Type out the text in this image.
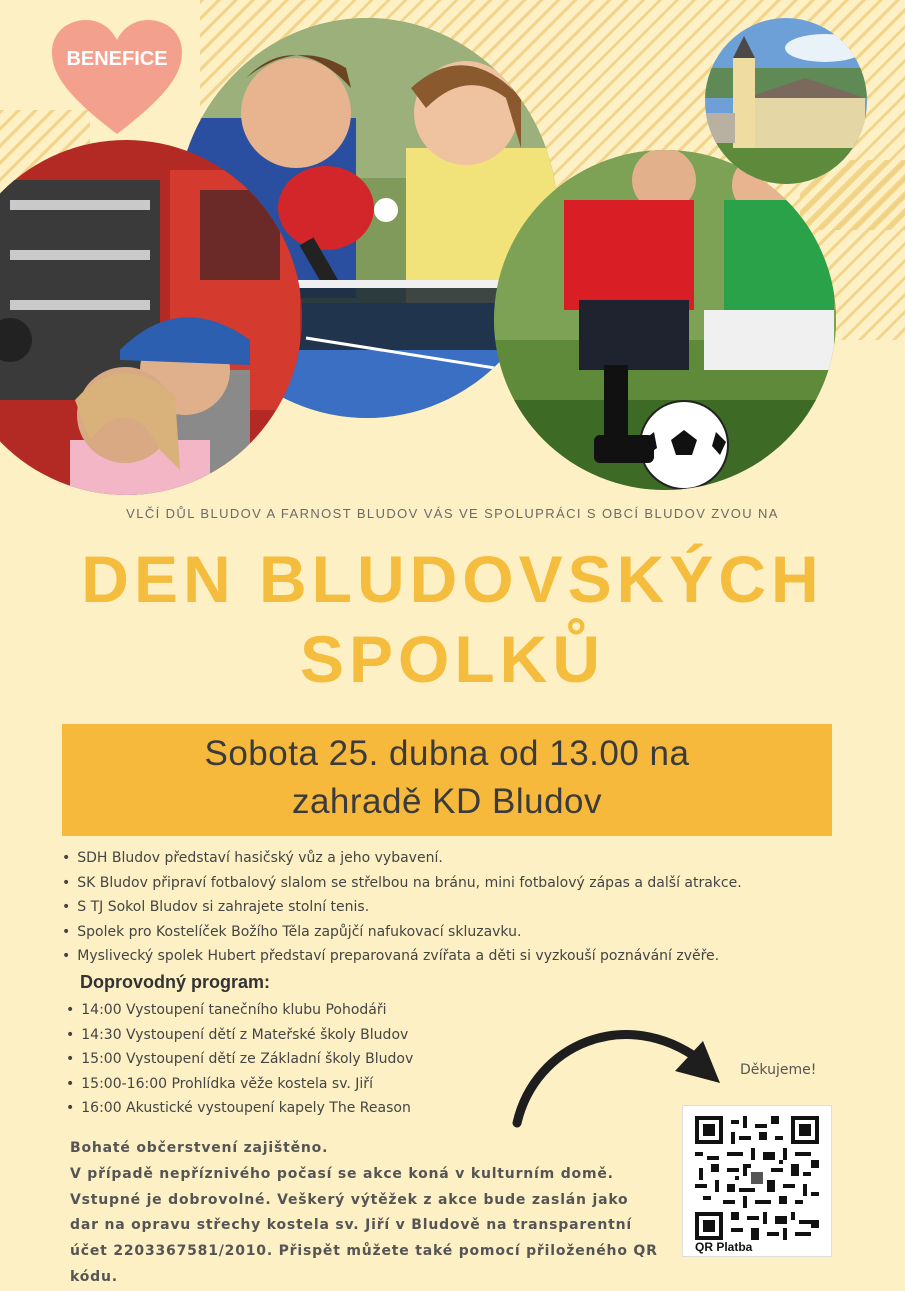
BENEFICE
VLČÍ DŮL BLUDOV A FARNOST BLUDOV VÁS VE SPOLUPRÁCI S OBCÍ BLUDOV ZVOU NA
DEN BLUDOVSKÝCH
SPOLKŮ
Sobota 25. dubna od 13.00 na
zahradě KD Bludov
• SDH Bludov představí hasičský vůz a jeho vybavení.
• SK Bludov připraví fotbalový slalom se střelbou na bránu, mini fotbalový zápas a další atrakce.
• S TJ Sokol Bludov si zahrajete stolní tenis.
• Spolek pro Kostelíček Božího Těla zapůjčí nafukovací skluzavku.
• Myslivecký spolek Hubert představí preparovaná zvířata a děti si vyzkouší poznávání zvěře.
Doprovodný program:
• 14:00 Vystoupení tanečního klubu Pohodáři
• 14:30 Vystoupení dětí z Mateřské školy Bludov
• 15:00 Vystoupení dětí ze Základní školy Bludov
• 15:00-16:00 Prohlídka věže kostela sv. Jiří
• 16:00 Akustické vystoupení kapely The Reason
Děkujeme!

Bohaté občerstvení zajištěno.

V případě nepříznivého počasí se akce koná v kulturním domě.

Vstupné je dobrovolné. Veškerý výtěžek z akce bude zaslán jako dar na opravu střechy kostela sv. Jiří v Bludově na transparentní účet 2203367581/2010. Přispět můžete také pomocí přiloženého QR kódu.

QR Platba
